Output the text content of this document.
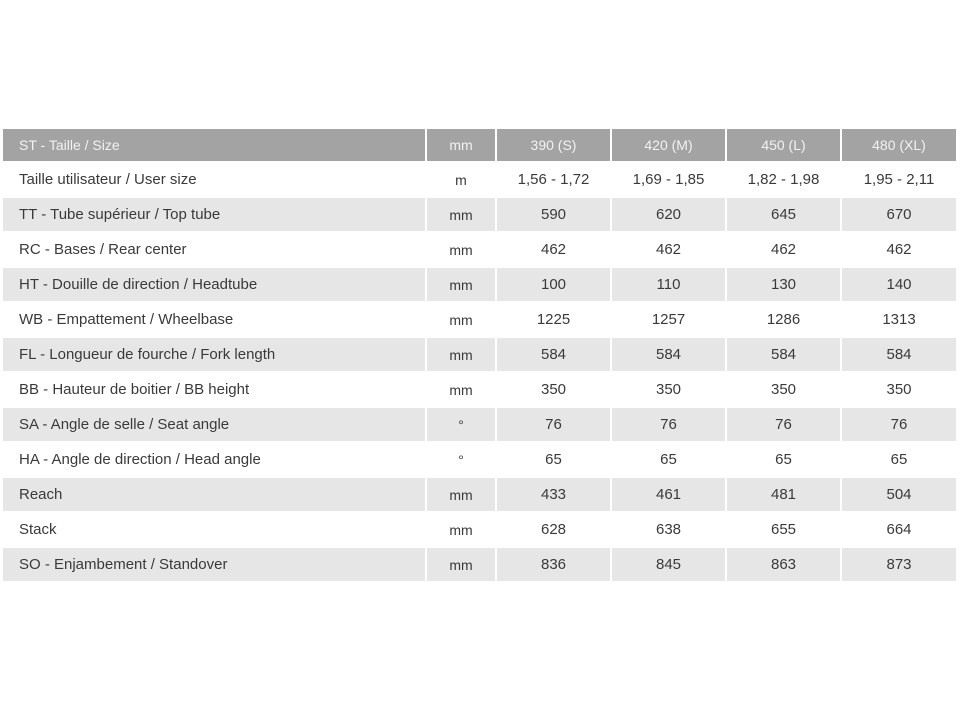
ST - Taille / Size	mm	390 (S)	420 (M)	450 (L)	480 (XL)
Taille utilisateur / User size	m	1,56 - 1,72	1,69 - 1,85	1,82 - 1,98	1,95 - 2,11
TT - Tube supérieur / Top tube	mm	590	620	645	670
RC - Bases / Rear center	mm	462	462	462	462
HT - Douille de direction / Headtube	mm	100	110	130	140
WB - Empattement / Wheelbase	mm	1225	1257	1286	1313
FL - Longueur de fourche / Fork length	mm	584	584	584	584
BB - Hauteur de boitier / BB height	mm	350	350	350	350
SA - Angle de selle / Seat angle	°	76	76	76	76
HA - Angle de direction / Head angle	°	65	65	65	65
Reach	mm	433	461	481	504
Stack	mm	628	638	655	664
SO - Enjambement / Standover	mm	836	845	863	873
